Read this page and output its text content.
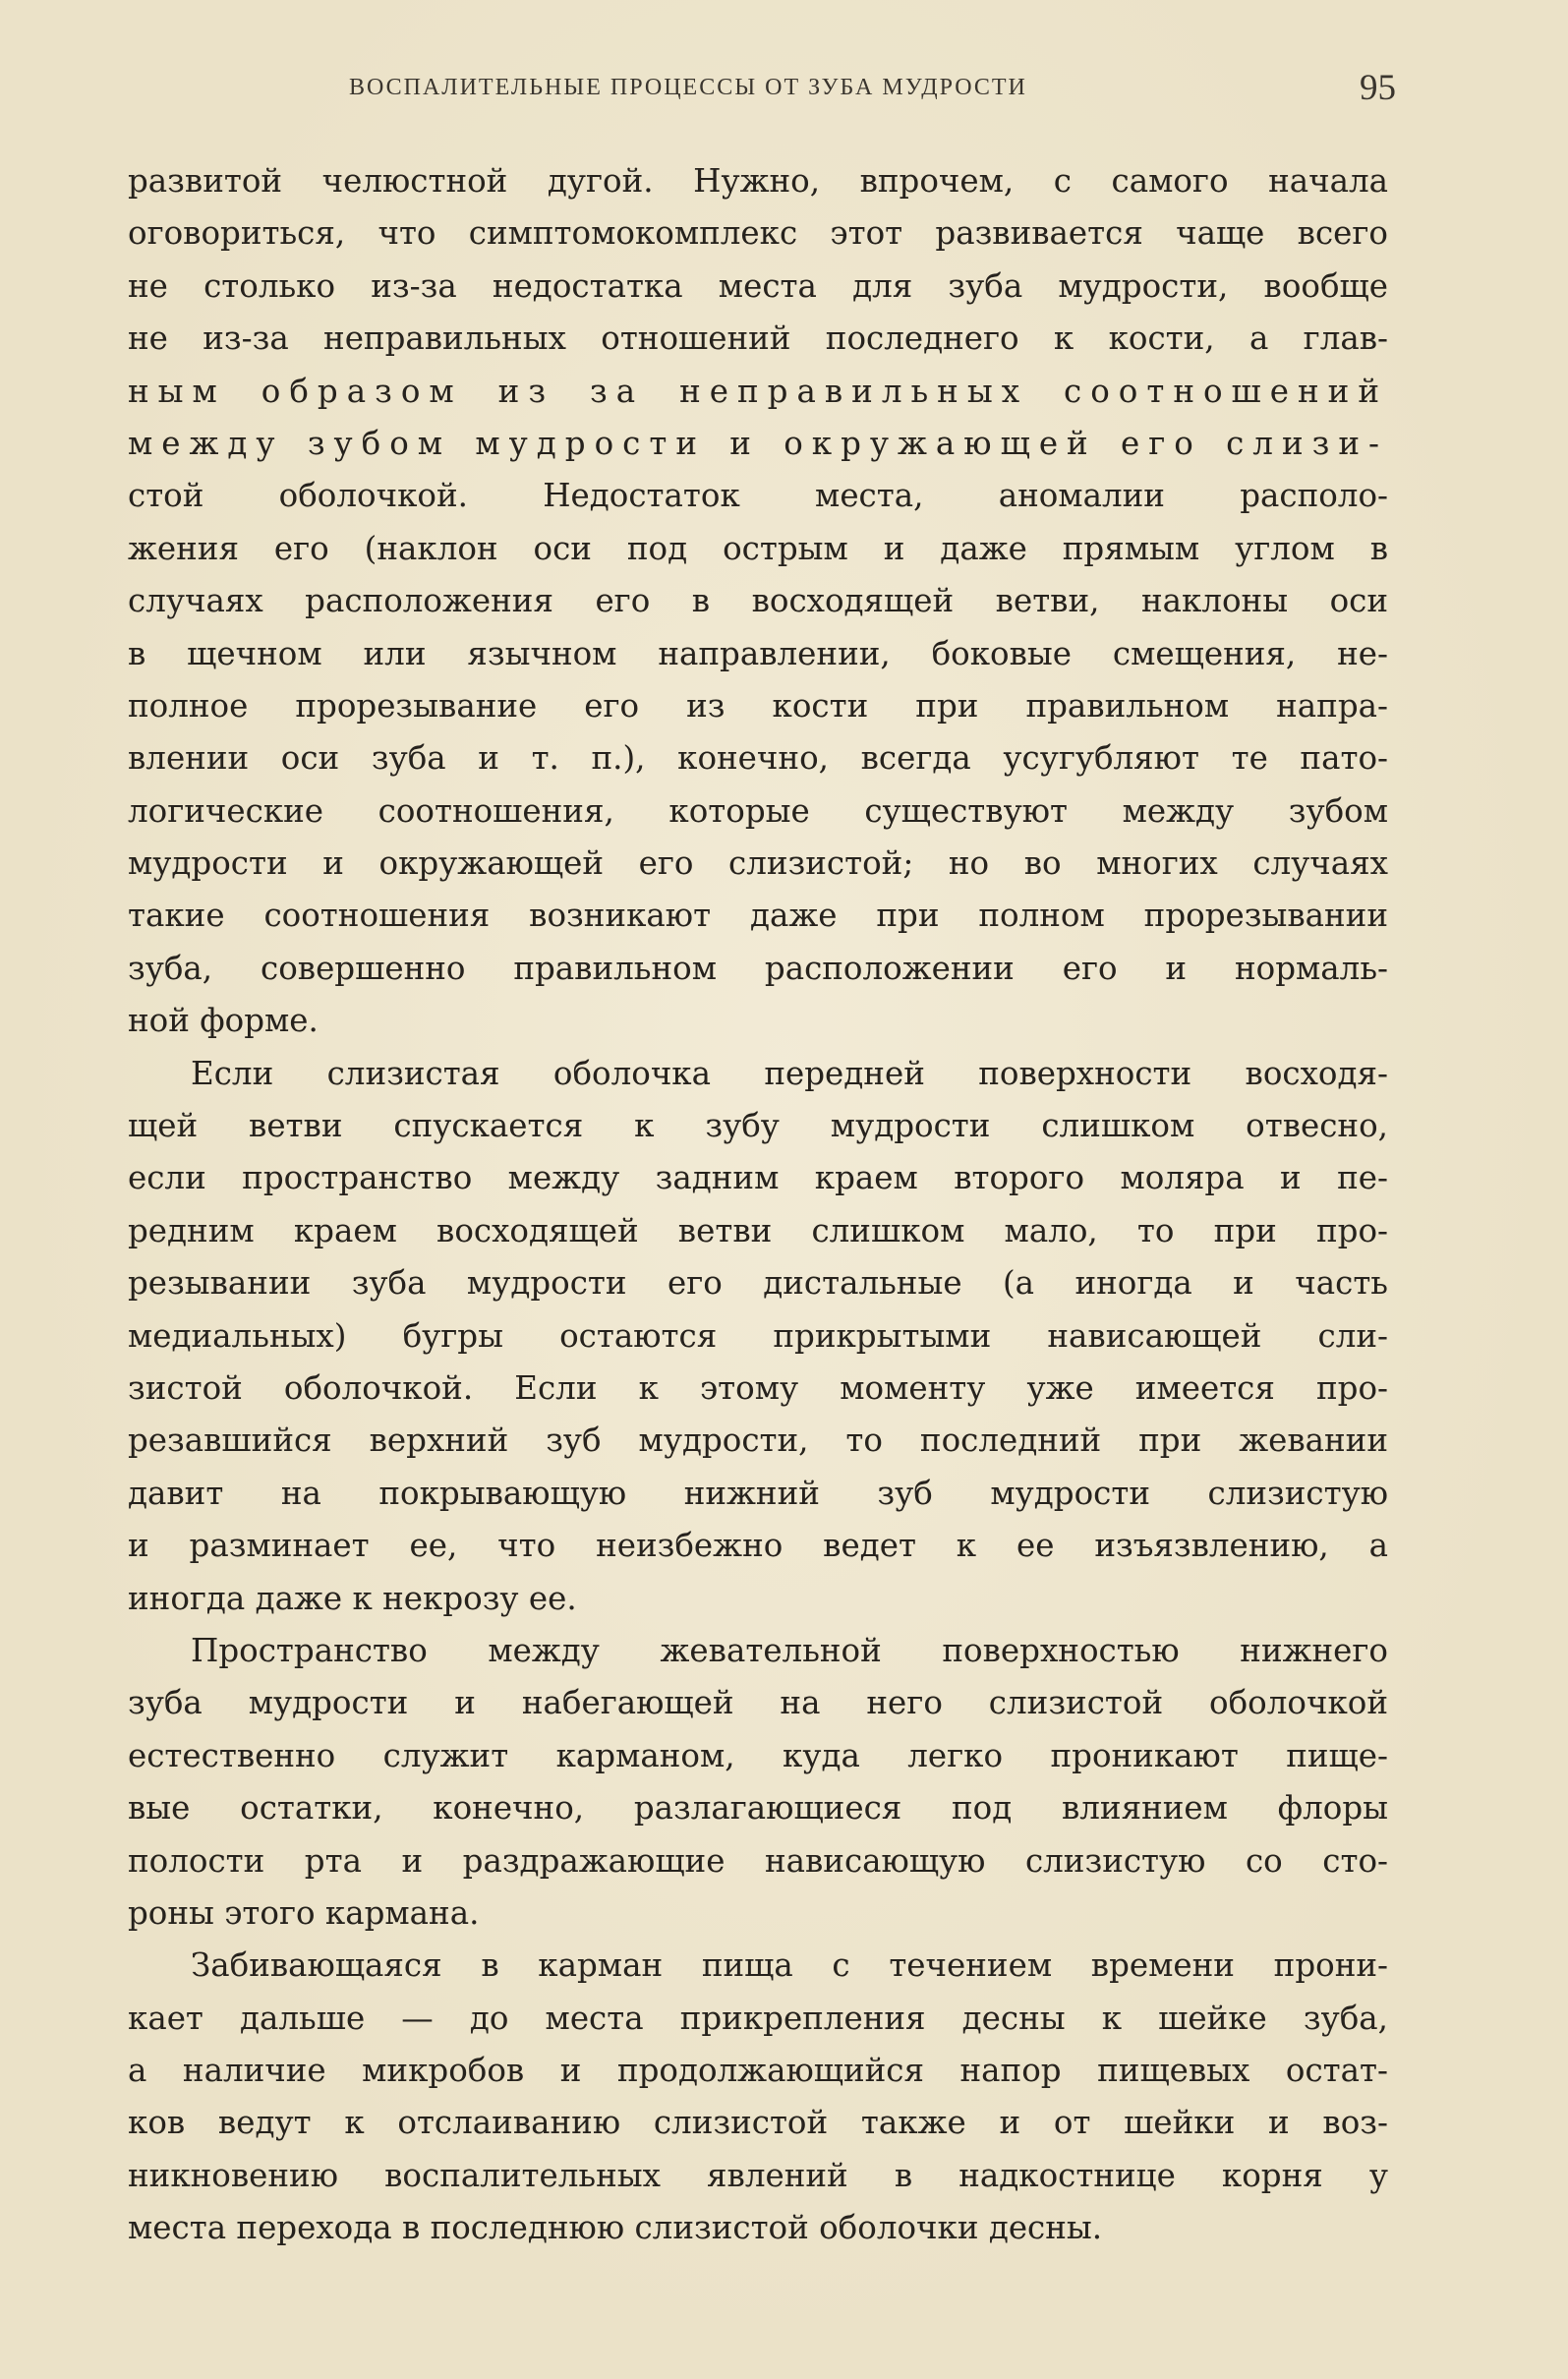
ВОСПАЛИТЕЛЬНЫЕ ПРОЦЕССЫ ОТ ЗУБА МУДРОСТИ	95
развитой челюстной дугой. Нужно, впрочем, с самого начала
оговориться, что симптомокомплекс этот развивается чаще всего
не столько из-за недостатка места для зуба мудрости, вообще
не из-за неправильных отношений последнего к кости, а глав-
ным образом из за неправильных соотношений
между зубом мудрости и окружающей его слизи-
стой оболочкой. Недостаток места, аномалии располо-
жения его (наклон оси под острым и даже прямым углом в
случаях расположения его в восходящей ветви, наклоны оси
в щечном или язычном направлении, боковые смещения, не-
полное прорезывание его из кости при правильном напра-
влении оси зуба и т. п.), конечно, всегда усугубляют те пато-
логические соотношения, которые существуют между зубом
мудрости и окружающей его слизистой; но во многих случаях
такие соотношения возникают даже при полном прорезывании
зуба, совершенно правильном расположении его и нормаль-
ной форме.
Если слизистая оболочка передней поверхности восходя-
щей ветви спускается к зубу мудрости слишком отвесно,
если пространство между задним краем второго моляра и пе-
редним краем восходящей ветви слишком мало, то при про-
резывании зуба мудрости его дистальные (а иногда и часть
медиальных) бугры остаются прикрытыми нависающей сли-
зистой оболочкой. Если к этому моменту уже имеется про-
резавшийся верхний зуб мудрости, то последний при жевании
давит на покрывающую нижний зуб мудрости слизистую
и разминает ее, что неизбежно ведет к ее изъязвлению, а
иногда даже к некрозу ее.
Пространство между жевательной поверхностью нижнего
зуба мудрости и набегающей на него слизистой оболочкой
естественно служит карманом, куда легко проникают пище-
вые остатки, конечно, разлагающиеся под влиянием флоры
полости рта и раздражающие нависающую слизистую со сто-
роны этого кармана.
Забивающаяся в карман пища с течением времени прони-
кает дальше — до места прикрепления десны к шейке зуба,
а наличие микробов и продолжающийся напор пищевых остат-
ков ведут к отслаиванию слизистой также и от шейки и воз-
никновению воспалительных явлений в надкостнице корня у
места перехода в последнюю слизистой оболочки десны.
